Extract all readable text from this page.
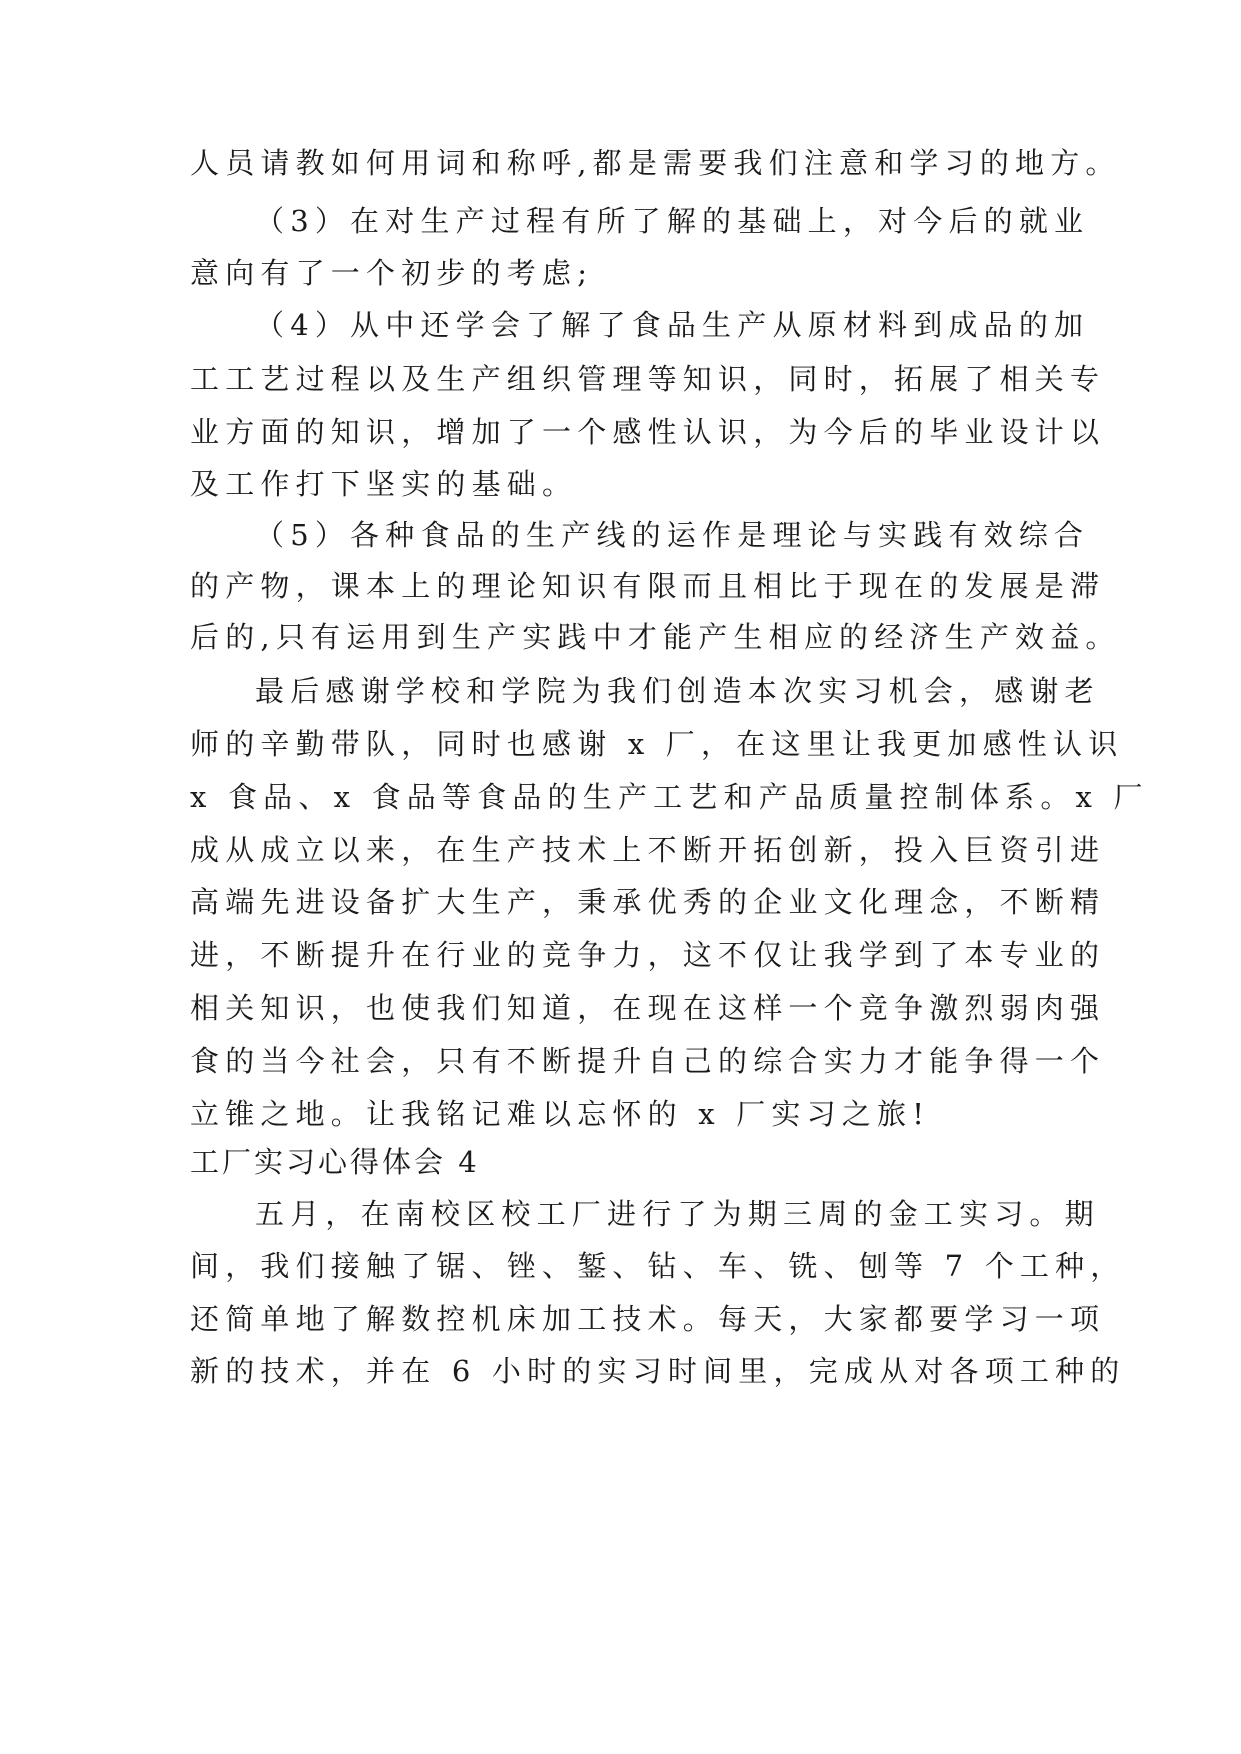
人员请教如何用词和称呼,都是需要我们注意和学习的地方。
（3）在对生产过程有所了解的基础上，对今后的就业
意向有了一个初步的考虑;
（4）从中还学会了解了食品生产从原材料到成品的加
工工艺过程以及生产组织管理等知识，同时，拓展了相关专
业方面的知识，增加了一个感性认识，为今后的毕业设计以
及工作打下坚实的基础。
（5）各种食品的生产线的运作是理论与实践有效综合
的产物，课本上的理论知识有限而且相比于现在的发展是滞
后的,只有运用到生产实践中才能产生相应的经济生产效益。
最后感谢学校和学院为我们创造本次实习机会，感谢老
师的辛勤带队，同时也感谢 x 厂，在这里让我更加感性认识
x 食品、x 食品等食品的生产工艺和产品质量控制体系。x 厂
成从成立以来，在生产技术上不断开拓创新，投入巨资引进
高端先进设备扩大生产，秉承优秀的企业文化理念，不断精
进，不断提升在行业的竞争力，这不仅让我学到了本专业的
相关知识，也使我们知道，在现在这样一个竞争激烈弱肉强
食的当今社会，只有不断提升自己的综合实力才能争得一个
立锥之地。让我铭记难以忘怀的 x 厂实习之旅!
工厂实习心得体会 4
五月，在南校区校工厂进行了为期三周的金工实习。期
间，我们接触了锯、锉、錾、钻、车、铣、刨等 7 个工种，
还简单地了解数控机床加工技术。每天，大家都要学习一项
新的技术，并在 6 小时的实习时间里，完成从对各项工种的
